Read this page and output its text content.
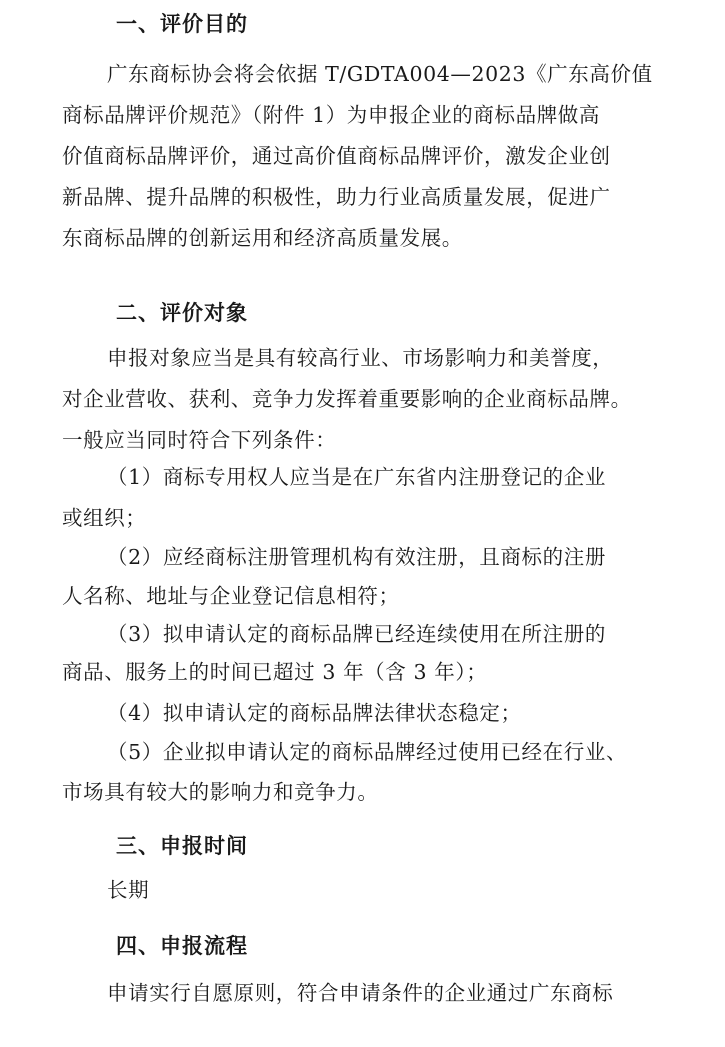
一、评价目的
广东商标协会将会依据 T/GDTA004—2023《广东高价值
商标品牌评价规范》（附件 1）为申报企业的商标品牌做高
价值商标品牌评价，通过高价值商标品牌评价，激发企业创
新品牌、提升品牌的积极性，助力行业高质量发展，促进广
东商标品牌的创新运用和经济高质量发展。
二、评价对象
申报对象应当是具有较高行业、市场影响力和美誉度，
对企业营收、获利、竞争力发挥着重要影响的企业商标品牌。
一般应当同时符合下列条件：
（1）商标专用权人应当是在广东省内注册登记的企业
或组织；
（2）应经商标注册管理机构有效注册，且商标的注册
人名称、地址与企业登记信息相符；
（3）拟申请认定的商标品牌已经连续使用在所注册的
商品、服务上的时间已超过 3 年（含 3 年）；
（4）拟申请认定的商标品牌法律状态稳定；
（5）企业拟申请认定的商标品牌经过使用已经在行业、
市场具有较大的影响力和竞争力。
三、申报时间
长期
四、申报流程
申请实行自愿原则，符合申请条件的企业通过广东商标
